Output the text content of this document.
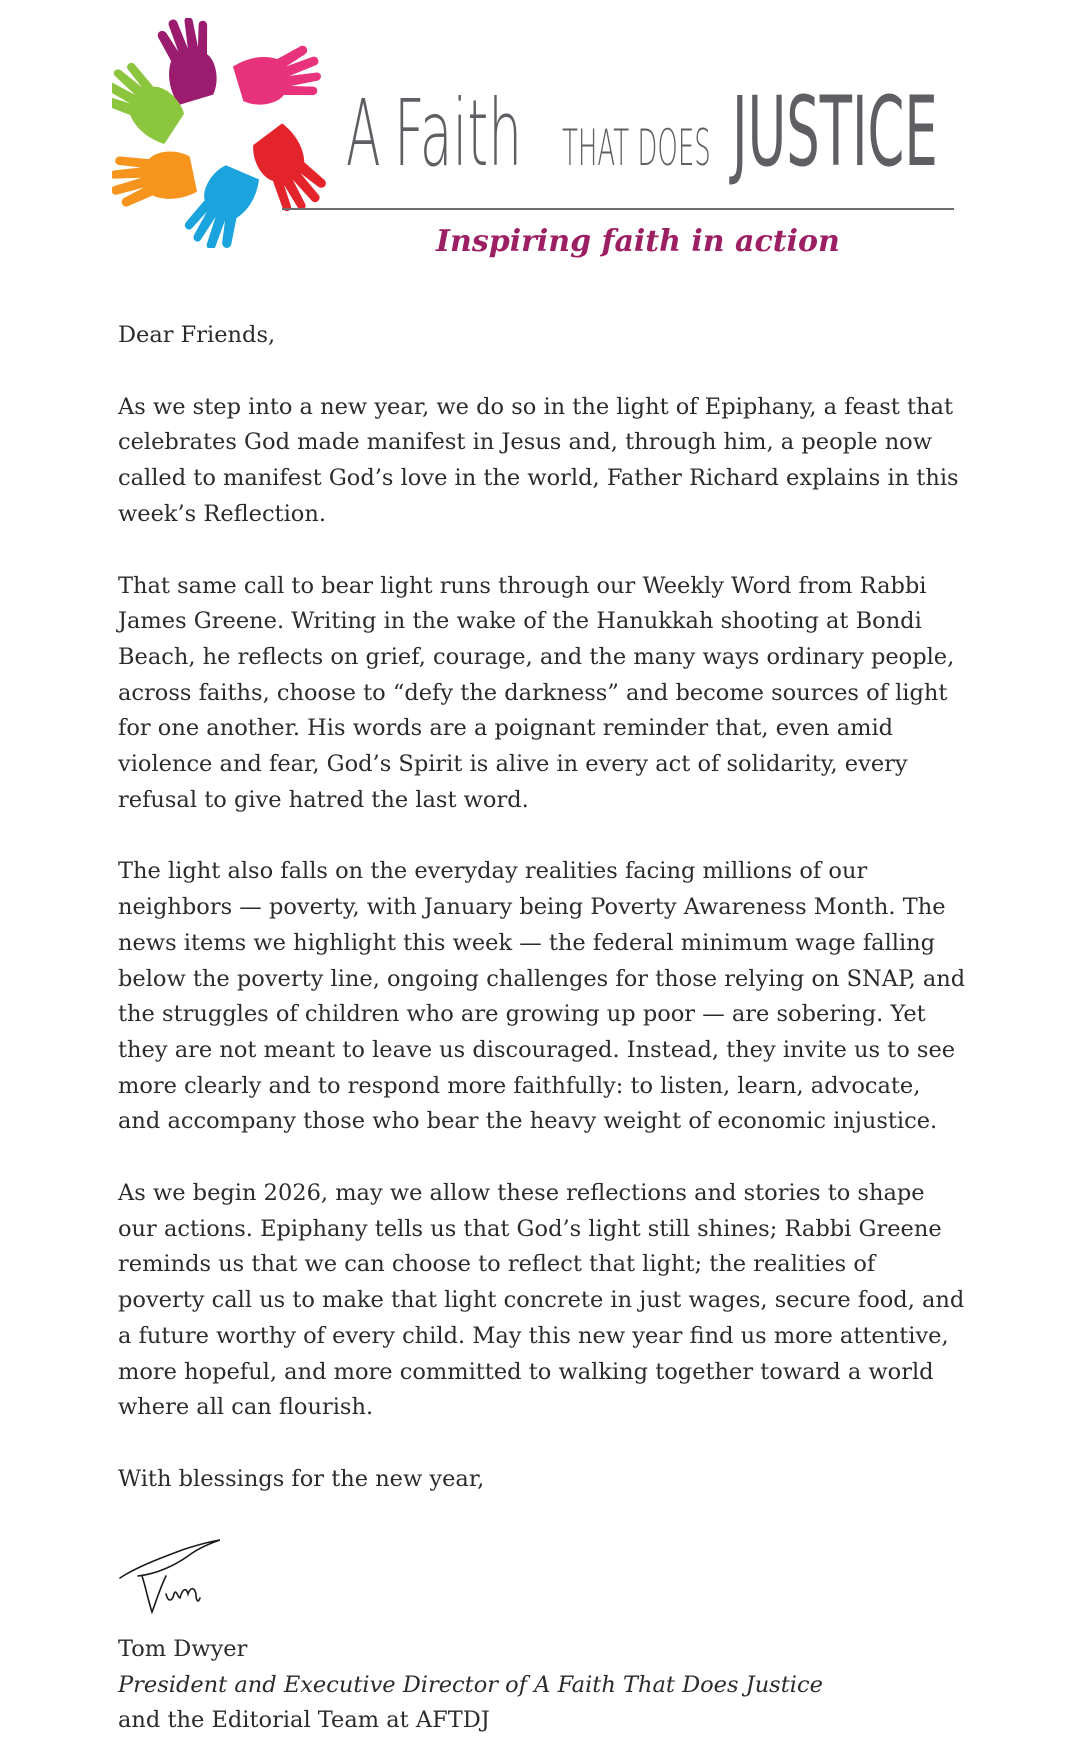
A Faith THAT DOES JUSTICE
Inspiring faith in action

Dear Friends,

As we step into a new year, we do so in the light of Epiphany, a feast that celebrates God made manifest in Jesus and, through him, a people now called to manifest God’s love in the world, Father Richard explains in this week’s Reflection.

That same call to bear light runs through our Weekly Word from Rabbi James Greene. Writing in the wake of the Hanukkah shooting at Bondi Beach, he reflects on grief, courage, and the many ways ordinary people, across faiths, choose to “defy the darkness” and become sources of light for one another. His words are a poignant reminder that, even amid violence and fear, God’s Spirit is alive in every act of solidarity, every refusal to give hatred the last word.

The light also falls on the everyday realities facing millions of our neighbors — poverty, with January being Poverty Awareness Month. The news items we highlight this week — the federal minimum wage falling below the poverty line, ongoing challenges for those relying on SNAP, and the struggles of children who are growing up poor — are sobering. Yet they are not meant to leave us discouraged. Instead, they invite us to see more clearly and to respond more faithfully: to listen, learn, advocate, and accompany those who bear the heavy weight of economic injustice.

As we begin 2026, may we allow these reflections and stories to shape our actions. Epiphany tells us that God’s light still shines; Rabbi Greene reminds us that we can choose to reflect that light; the realities of poverty call us to make that light concrete in just wages, secure food, and a future worthy of every child. May this new year find us more attentive, more hopeful, and more committed to walking together toward a world where all can flourish.

With blessings for the new year,

Tom Dwyer
President and Executive Director of A Faith That Does Justice
and the Editorial Team at AFTDJ
